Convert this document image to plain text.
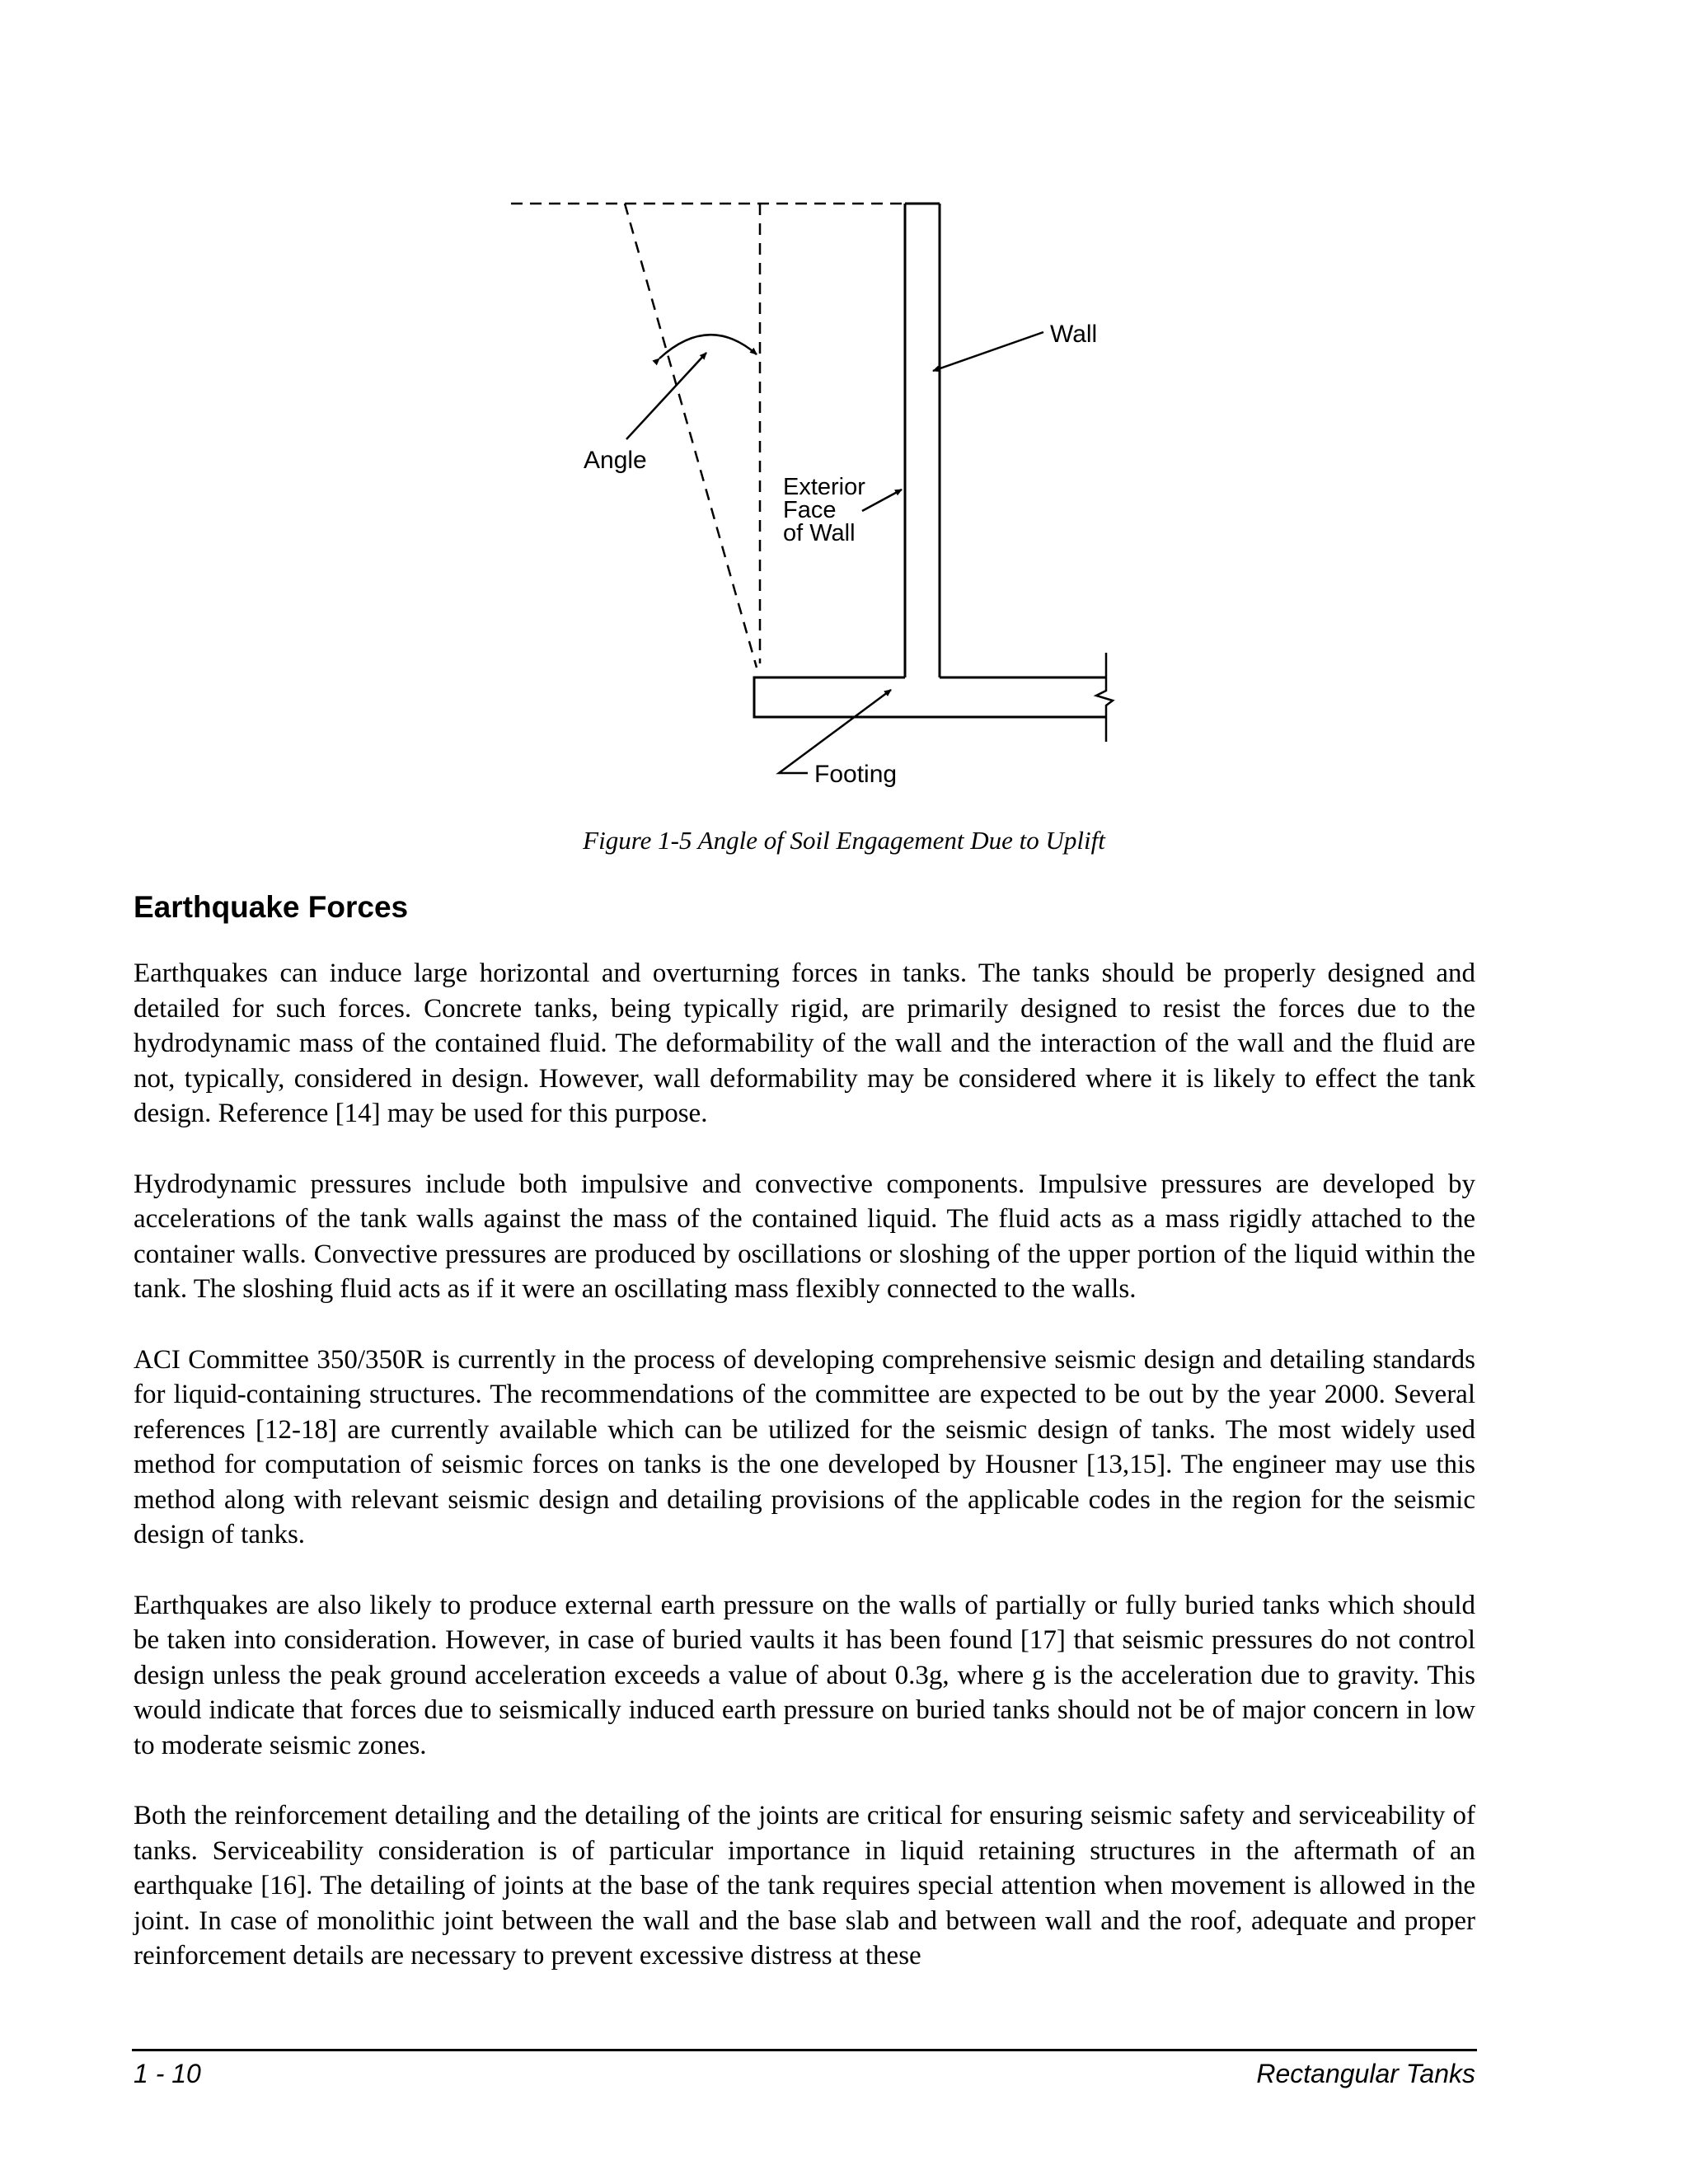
Wall
Angle
Exterior
Face
of Wall
Footing
Figure 1-5 Angle of Soil Engagement Due to Uplift
Earthquake Forces

Earthquakes can induce large horizontal and overturning forces in tanks. The tanks should be properly designed and detailed for such forces. Concrete tanks, being typically rigid, are primarily designed to resist the forces due to the hydrodynamic mass of the contained fluid. The deformability of the wall and the interaction of the wall and the fluid are not, typically, considered in design. However, wall deformability may be considered where it is likely to effect the tank design. Reference [14] may be used for this purpose.

Hydrodynamic pressures include both impulsive and convective components. Impulsive pressures are developed by accelerations of the tank walls against the mass of the contained liquid. The fluid acts as a mass rigidly attached to the container walls. Convective pressures are produced by oscillations or sloshing of the upper portion of the liquid within the tank. The sloshing fluid acts as if it were an oscillating mass flexibly connected to the walls.

ACI Committee 350/350R is currently in the process of developing comprehensive seismic design and detailing standards for liquid-containing structures. The recommendations of the committee are expected to be out by the year 2000. Several references [12-18] are currently available which can be utilized for the seismic design of tanks. The most widely used method for computation of seismic forces on tanks is the one developed by Housner [13,15]. The engineer may use this method along with relevant seismic design and detailing provisions of the applicable codes in the region for the seismic design of tanks.

Earthquakes are also likely to produce external earth pressure on the walls of partially or fully buried tanks which should be taken into consideration. However, in case of buried vaults it has been found [17] that seismic pressures do not control design unless the peak ground acceleration exceeds a value of about 0.3g, where g is the acceleration due to gravity. This would indicate that forces due to seismically induced earth pressure on buried tanks should not be of major concern in low to moderate seismic zones.

Both the reinforcement detailing and the detailing of the joints are critical for ensuring seismic safety and serviceability of tanks. Serviceability consideration is of particular importance in liquid retaining structures in the aftermath of an earthquake [16]. The detailing of joints at the base of the tank requires special attention when movement is allowed in the joint. In case of monolithic joint between the wall and the base slab and between wall and the roof, adequate and proper reinforcement details are necessary to prevent excessive distress at these

1 - 10	Rectangular Tanks
